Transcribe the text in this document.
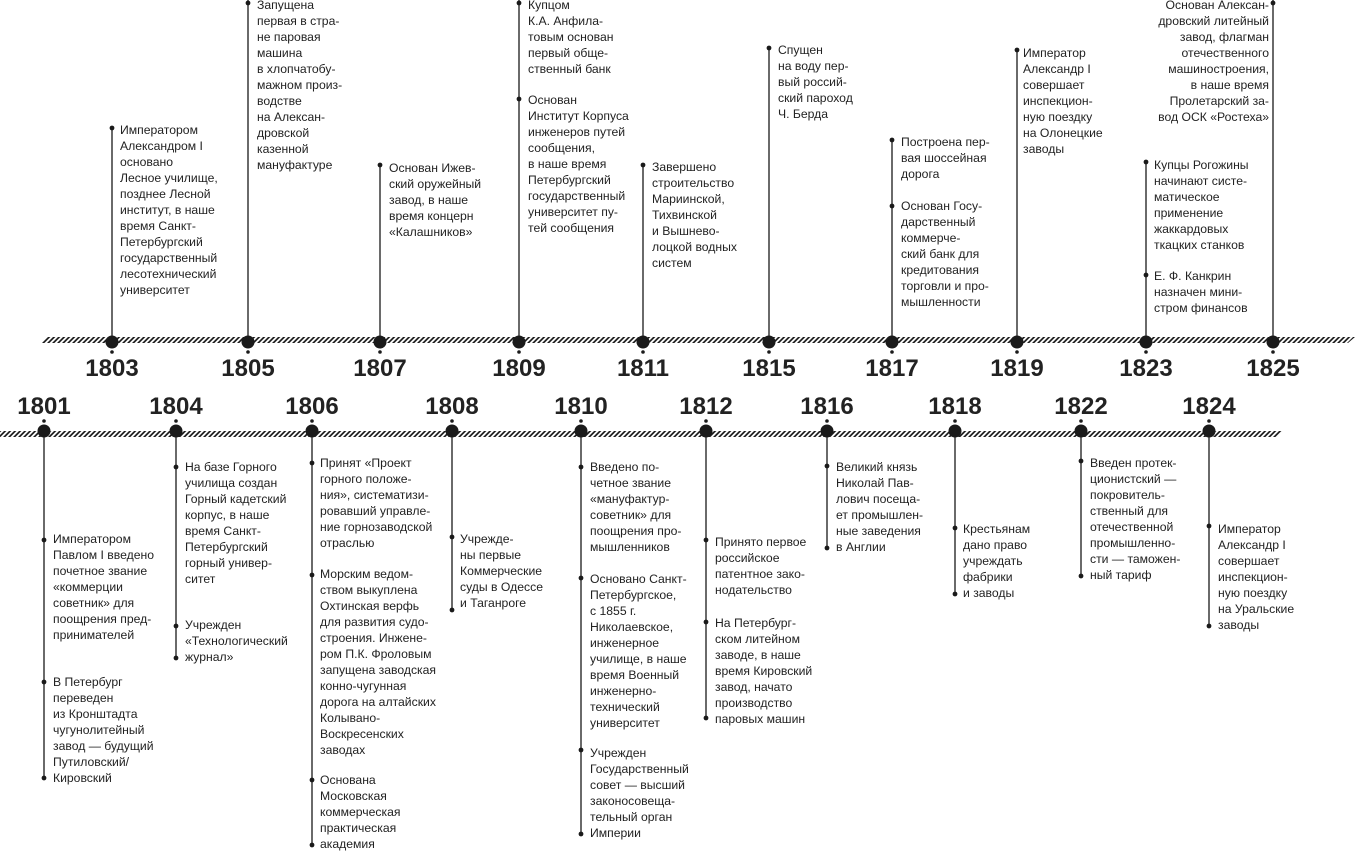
1803	1805	1807	1809	1811	1815	1817	1819	1823	1825
1801	1804	1806	1808	1810	1812	1816	1818	1822	1824

Императором
Александром I
основано
Лесное училище,
позднее Лесной
институт, в наше
время Санкт-
Петербургский
государственный
лесотехнический
университет

Запущена
первая в стра-
не паровая
машина
в хлопчатобу-
мажном произ-
водстве
на Алексан-
дровской
казенной
мануфактуре	Основан Ижев-
ский оружейный
завод, в наше
время концерн
«Калашников»

Купцом
К.А. Анфила-
товым основан
первый обще-
ственный банк

Основан
Институт Корпуса
инженеров путей
сообщения,
в наше время
Петербургский
государственный
университет пу-
тей сообщения

Завершено
строительство
Мариинской,
Тихвинской
и Вышнево-
лоцкой водных
систем

Спущен
на воду пер-
вый россий-
ский пароход
Ч. Берда

Построена пер-
вая шоссейная
дорога

Основан Госу-
дарственный
коммерче-
ский банк для
кредитования
торговли и про-
мышленности

Император
Александр I
совершает
инспекцион-
ную поездку
на Олонецкие
заводы

Купцы Рогожины
начинают систе-
матическое
применение
жаккардовых
ткацких станков

Е. Ф. Канкрин
назначен мини-
стром финансов

Императором
Павлом I введено
почетное звание
«коммерции
советник» для
поощрения пред-
принимателей

В Петербург
переведен
из Кронштадта
чугунолитейный
завод — будущий
Путиловский/
Кировский

На базе Горного
училища создан
Горный кадетский
корпус, в наше
время Санкт-
Петербургский
горный универ-
ситет

Учрежден
«Технологический
журнал»

Принят «Проект
горного положе-
ния», систематизи-
ровавший управле-
ние горнозаводской
отраслью

Морским ведом-
ством выкуплена
Охтинская верфь
для развития судо-
строения. Инжене-
ром П.К. Фроловым
запущена заводская
конно-чугунная
дорога на алтайских
Колывано-
Воскресенских
заводах

Основана
Московская
коммерческая
практическая
академия

Учрежде-
ны первые
Коммерческие
суды в Одессе
и Таганроге

Введено по-
четное звание
«мануфактур-
советник» для
поощрения про-
мышленников

Основано Санкт-
Петербургское,
с 1855 г.
Николаевское,
инженерное
училище, в наше
время Военный
инженерно-
технический
университет

Учрежден
Государственный
совет — высший
законосовеща-
тельный орган
Империи

Принято первое
российское
патентное зако-
нодательство

На Петербург-
ском литейном
заводе, в наше
время Кировский
завод, начато
производство
паровых машин

Великий князь
Николай Пав-
лович посеща-
ет промышлен-
ные заведения
в Англии

Крестьянам
дано право
учреждать
фабрики
и заводы

Введен протек-
ционистский —
покровитель-
ственный для
отечественной
промышленно-
сти — таможен-
ный тариф

Император
Александр I
совершает
инспекцион-
ную поездку
на Уральские
заводы

Основан Алексан-
дровский литейный
завод, флагман
отечественного
машиностроения,
в наше время
Пролетарский за-
вод ОСК «Ростеха»
